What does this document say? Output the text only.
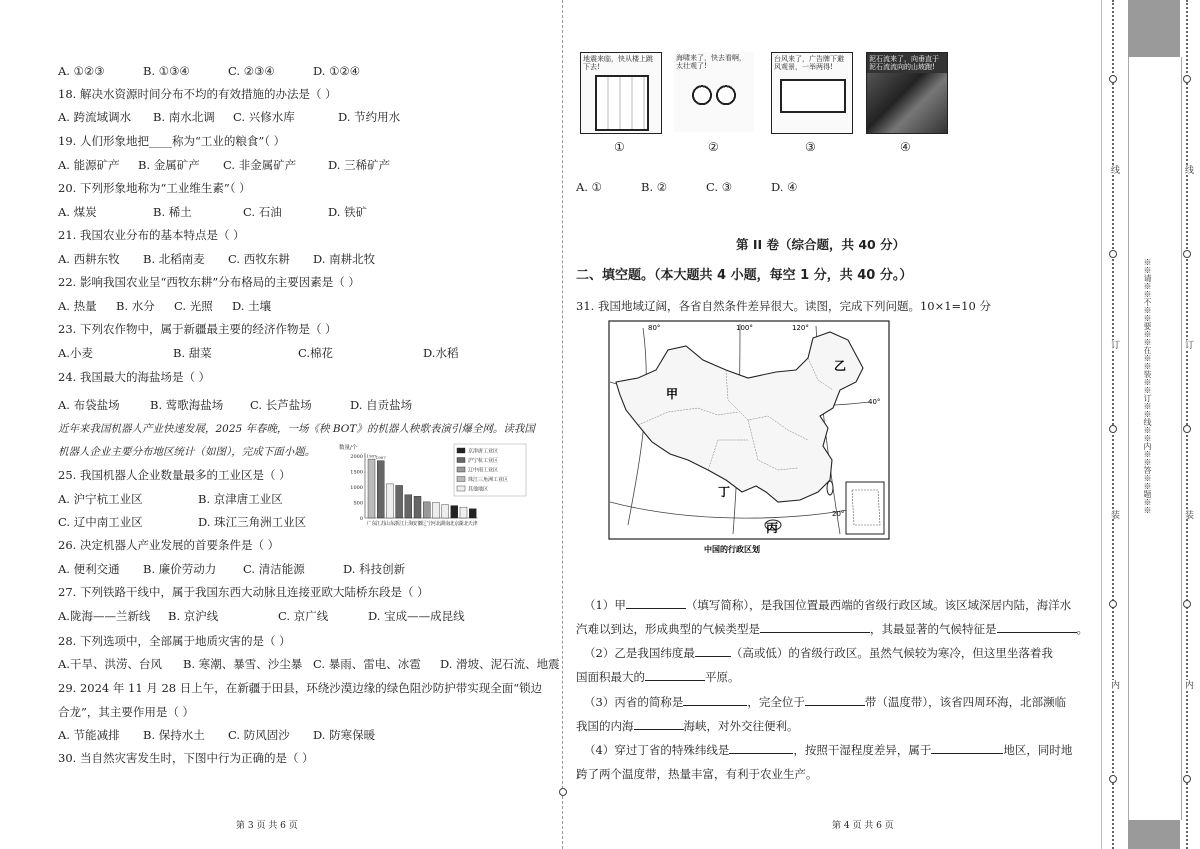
A. ①②③	B. ①③④	C. ②③④	D. ①②④
18. 解决水资源时间分布不均的有效措施的办法是（ ）
A. 跨流域调水 B. 南水北调 C. 兴修水库	D. 节约用水
19. 人们形象地把____称为“工业的粮食”（ ）
A. 能源矿产 B. 金属矿产 C. 非金属矿产	D. 三稀矿产
20. 下列形象地称为“工业维生素”（ ）
A. 煤炭	B. 稀土	C. 石油	D. 铁矿
21. 我国农业分布的基本特点是（ ）
A. 西耕东牧 B. 北稻南麦 C. 西牧东耕 D. 南耕北牧
22. 影响我国农业呈“西牧东耕”分布格局的主要因素是（ ）
A. 热量 B. 水分 C. 光照 D. 土壤
23. 下列农作物中，属于新疆最主要的经济作物是（ ）
A.小麦	B. 甜菜	C.棉花	D.水稻
24. 我国最大的海盐场是（ ）
A. 布袋盐场	B. 莺歌海盐场 C. 长芦盐场	D. 自贡盐场
近年来我国机器人产业快速发展，2025 年春晚，一场《秧 BOT》的机器人秧歌表演引爆全网。读我国
机器人企业主要分布地区统计（如图），完成下面小题。
25. 我国机器人企业数量最多的工业区是（ ）
A. 沪宁杭工业区	B. 京津唐工业区
C. 辽中南工业区	D. 珠江三角洲工业区
26. 决定机器人产业发展的首要条件是（ ）
A. 便利交通 B. 廉价劳动力 C. 清洁能源	D. 科技创新
27. 下列铁路干线中，属于我国东西大动脉且连接亚欧大陆桥东段是（ ）
A.陇海——兰新线 B. 京沪线	C. 京广线	D. 宝成——成昆线
28. 下列选项中，全部属于地质灾害的是（ ）
A.干旱、洪涝、台风 B. 寒潮、暴雪、沙尘暴 C. 暴雨、雷电、冰雹 D. 滑坡、泥石流、地震
29. 2024 年 11 月 28 日上午，在新疆于田县，环绕沙漠边缘的绿色阻沙防护带实现全面“锁边
合龙”，其主要作用是（ ）
A. 节能减排 B. 保持水土 C. 防风固沙 D. 防寒保暖
30. 当自然灾害发生时，下图中行为正确的是（ ）
地震来临，快从楼上跳下去!
①
海啸来了，快去看啊，太壮观了!
②
台风来了，广告牌下避风观景，一举两得!
③
泥石流来了，向垂直于泥石流流向的山坡跑!
④
A. ①	B. ②	C. ③	D. ④
第 II 卷（综合题，共 40 分）
二、填空题。（本大题共 4 小题，每空 1 分，共 40 分。）
31. 我国地域辽阔，各省自然条件差异很大。读图，完成下列问题。10×1=10 分
80°	100°	120°
40°
20°
甲
乙
丙
丁
中国的行政区划
（1）甲	（填写简称），是我国位置最西端的省级行政区域。该区域深居内陆，海洋水
汽难以到达，形成典型的气候类型是	，其最显著的气候特征是	。
（2）乙是我国纬度最	（高或低）的省级行政区。虽然气候较为寒冷，但这里坐落着我
国面积最大的	平原。
（3）丙省的简称是	，完全位于	带（温度带），该省四周环海，北部濒临
我国的内海	海峡，对外交往便利。
（4）穿过丁省的特殊纬线是	，按照干湿程度差异，属于	地区，同时地
跨了两个温度带，热量丰富，有利于农业生产。
第 3 页 共 6 页	第 4 页 共 6 页
※※请※※不※※要※※在※※装※※订※※线※※内※※答※※题※※
线
订
装
内
线
订
装
内
数量/个
2000
1500
1000
500
0
1907
广东
1907
江苏 山东 浙江 上海 安徽 辽宁 河北 湖南 北京 湖北 天津
京津唐工业区
沪宁杭工业区
辽中南工业区
珠江三角洲工业区
其他地区
